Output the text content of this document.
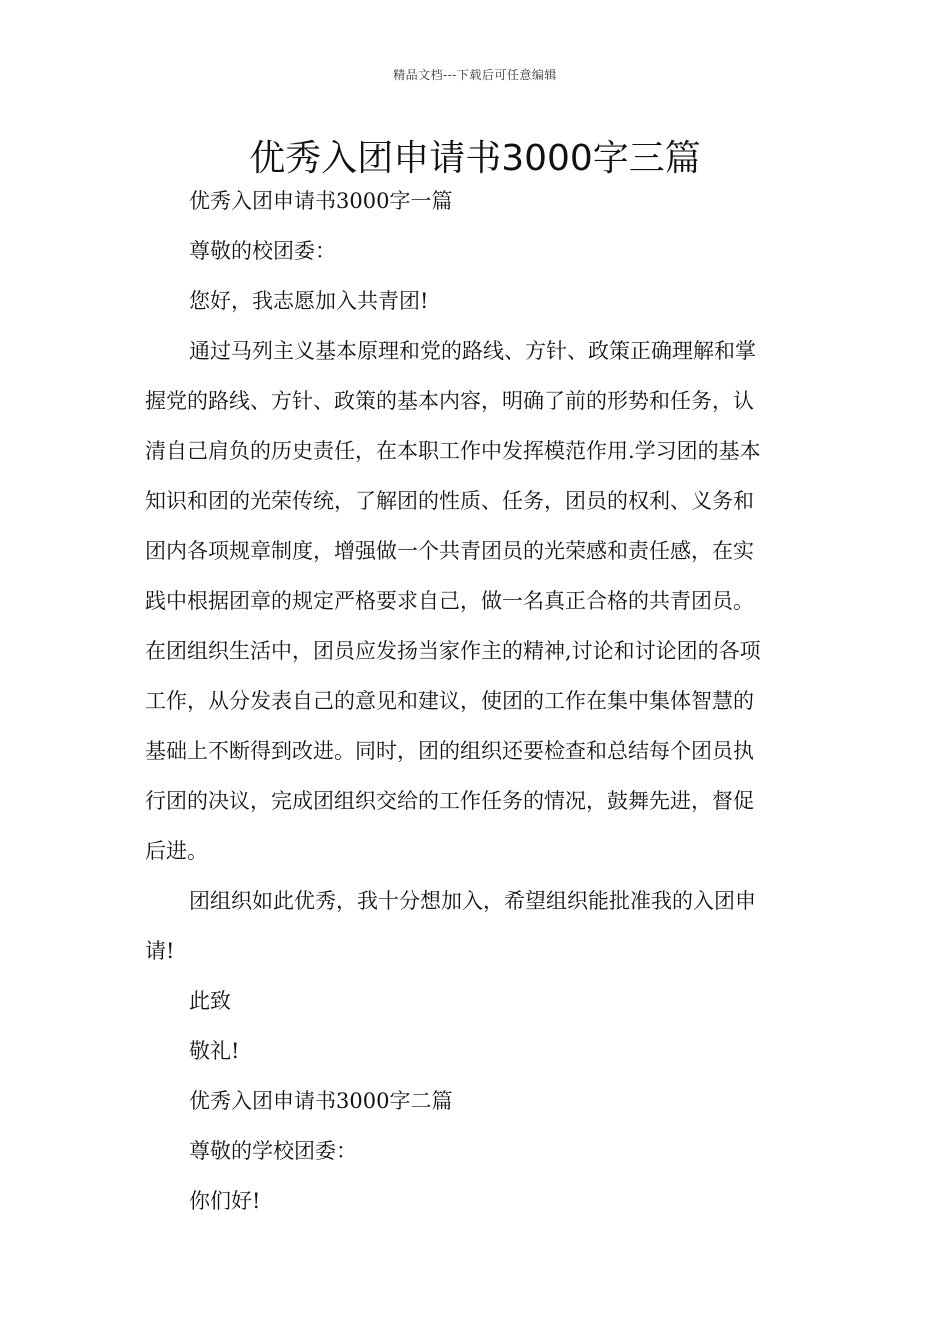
精品文档---下载后可任意编辑
优秀入团申请书3000字三篇
优秀入团申请书3000字一篇
尊敬的校团委：
您好，我志愿加入共青团!
通过马列主义基本原理和党的路线、方针、政策正确理解和掌
握党的路线、方针、政策的基本内容，明确了前的形势和任务，认
清自己肩负的历史责任，在本职工作中发挥模范作用.学习团的基本
知识和团的光荣传统，了解团的性质、任务，团员的权利、义务和
团内各项规章制度，增强做一个共青团员的光荣感和责任感，在实
践中根据团章的规定严格要求自己，做一名真正合格的共青团员。
在团组织生活中，团员应发扬当家作主的精神,讨论和讨论团的各项
工作，从分发表自己的意见和建议，使团的工作在集中集体智慧的
基础上不断得到改进。同时，团的组织还要检查和总结每个团员执
行团的决议，完成团组织交给的工作任务的情况，鼓舞先进，督促
后进。
团组织如此优秀，我十分想加入，希望组织能批准我的入团申
请!
此致
敬礼!
优秀入团申请书3000字二篇
尊敬的学校团委：
你们好!
